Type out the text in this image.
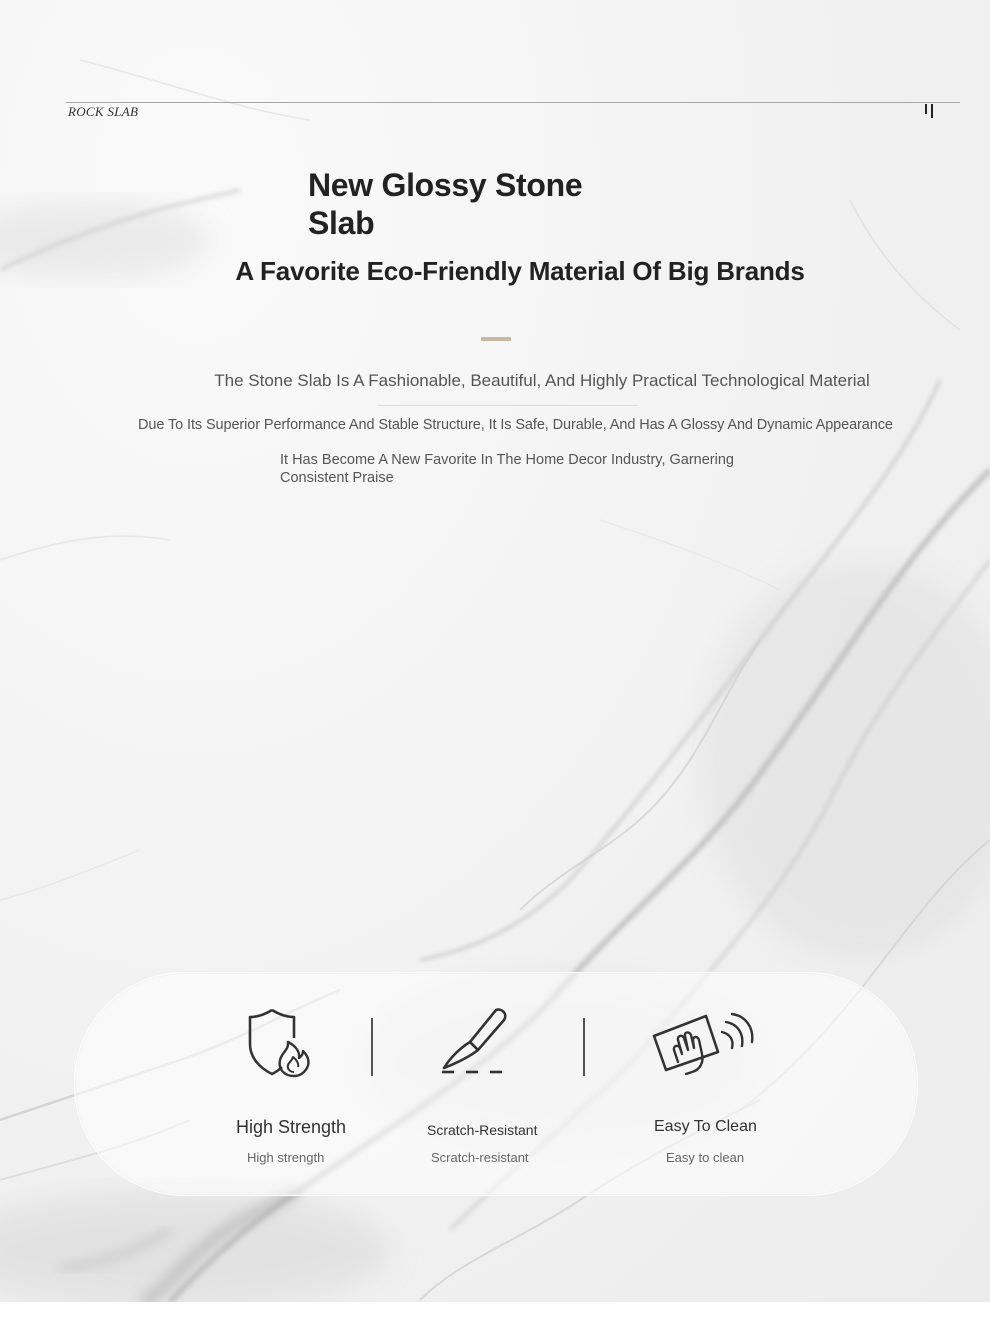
ROCK SLAB
New Glossy Stone Slab
A Favorite Eco-Friendly Material Of Big Brands
The Stone Slab Is A Fashionable, Beautiful, And Highly Practical Technological Material
Due To Its Superior Performance And Stable Structure, It Is Safe, Durable, And Has A Glossy And Dynamic Appearance
It Has Become A New Favorite In The Home Decor Industry, Garnering Consistent Praise
High Strength
High strength
Scratch-Resistant
Scratch-resistant
Easy To Clean
Easy to clean
